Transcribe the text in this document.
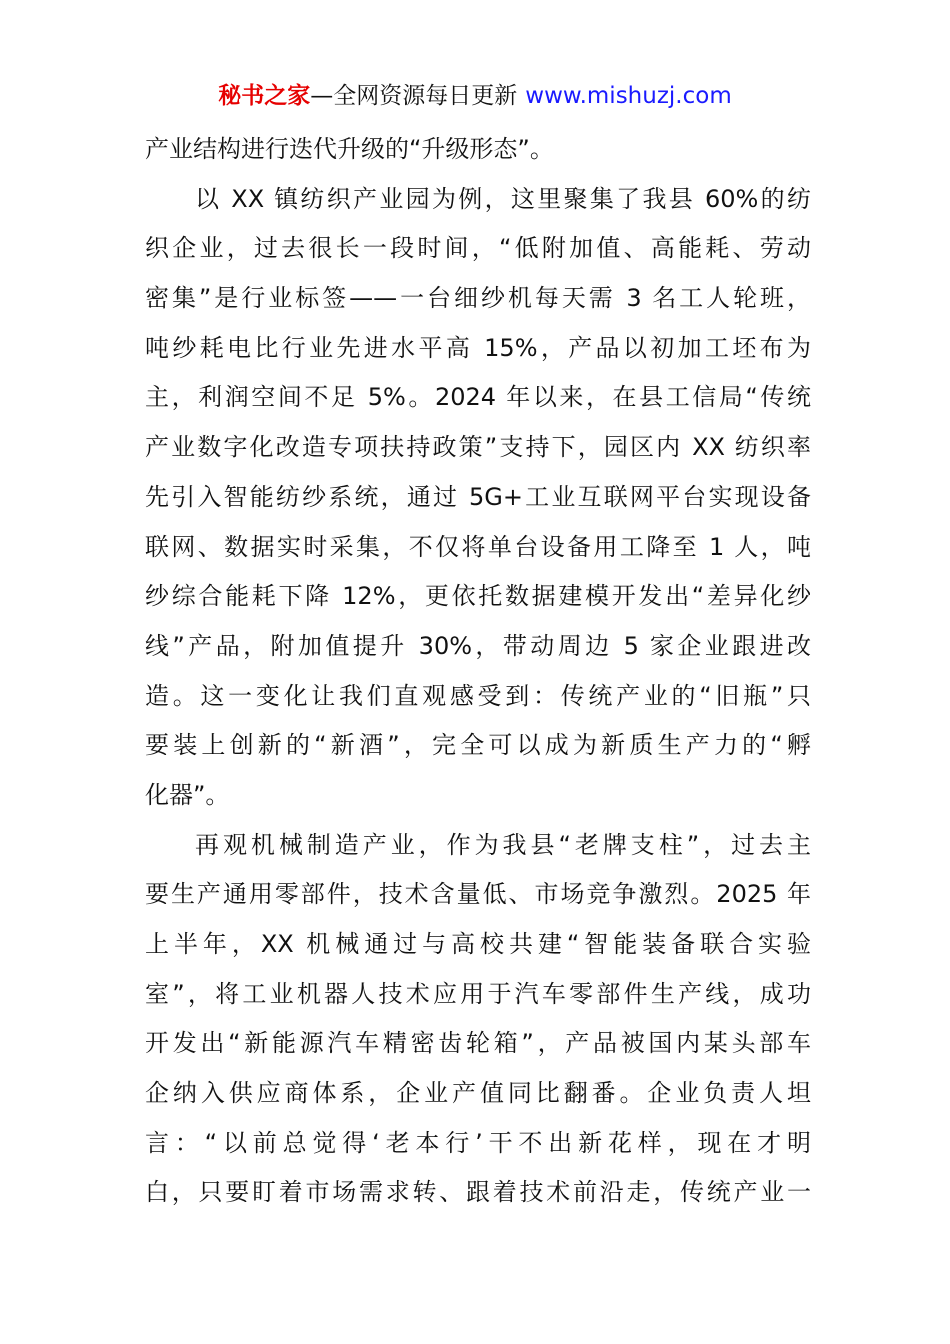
秘书之家—全网资源每日更新 www.mishuzj.com
产业结构进行迭代升级的“升级形态”。
以 XX 镇纺织产业园为例，这里聚集了我县 60%的纺
织企业，过去很长一段时间，“低附加值、高能耗、劳动
密集”是行业标签——一台细纱机每天需 3 名工人轮班，
吨纱耗电比行业先进水平高 15%，产品以初加工坯布为
主，利润空间不足 5%。2024 年以来，在县工信局“传统
产业数字化改造专项扶持政策”支持下，园区内 XX 纺织率
先引入智能纺纱系统，通过 5G+工业互联网平台实现设备
联网、数据实时采集，不仅将单台设备用工降至 1 人，吨
纱综合能耗下降 12%，更依托数据建模开发出“差异化纱
线”产品，附加值提升 30%，带动周边 5 家企业跟进改
造。这一变化让我们直观感受到：传统产业的“旧瓶”只
要装上创新的“新酒”，完全可以成为新质生产力的“孵
化器”。
再观机械制造产业，作为我县“老牌支柱”，过去主
要生产通用零部件，技术含量低、市场竞争激烈。2025 年
上半年，XX 机械通过与高校共建“智能装备联合实验
室”，将工业机器人技术应用于汽车零部件生产线，成功
开发出“新能源汽车精密齿轮箱”，产品被国内某头部车
企纳入供应商体系，企业产值同比翻番。企业负责人坦
言：“以前总觉得‘老本行’干不出新花样，现在才明
白，只要盯着市场需求转、跟着技术前沿走，传统产业一
